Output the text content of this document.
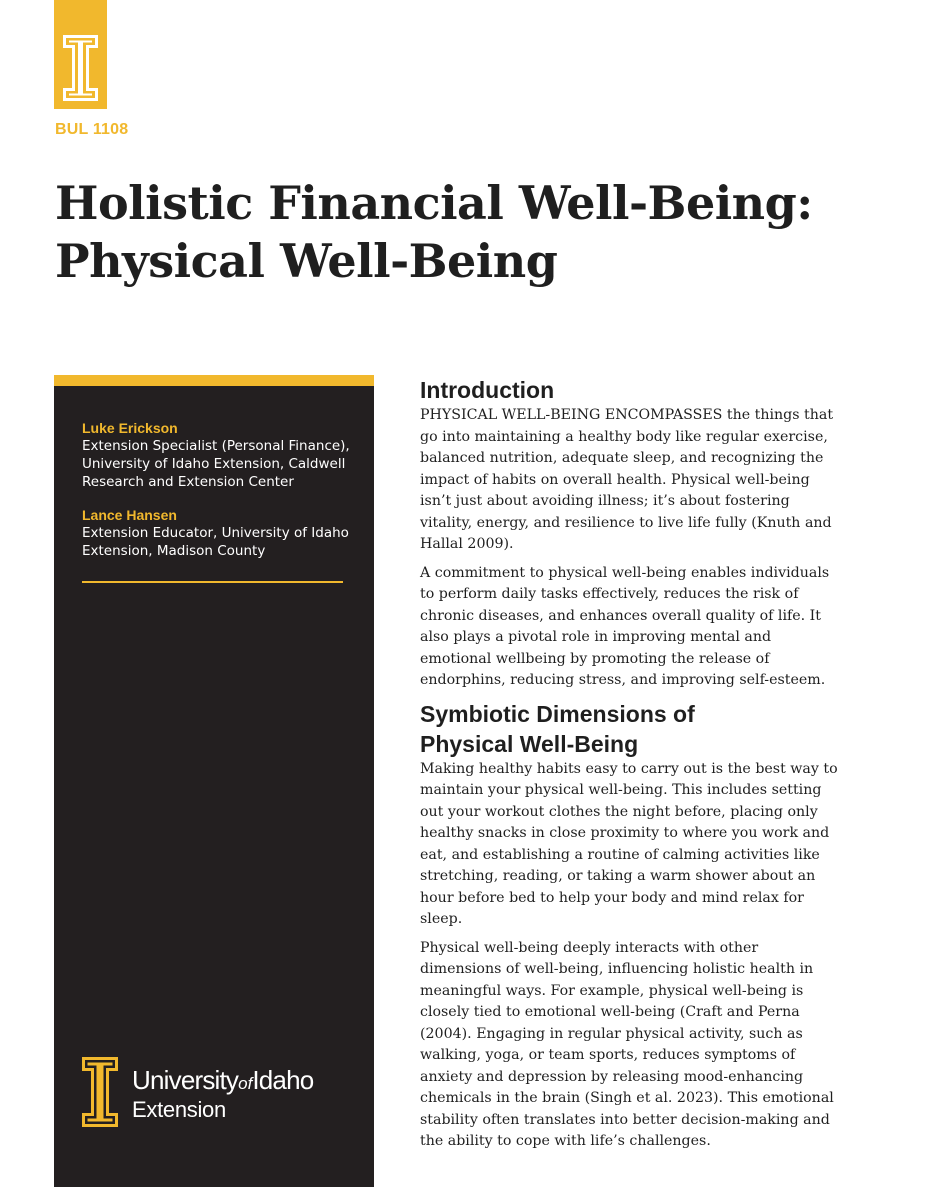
BUL 1108
Holistic Financial Well-Being:
Physical Well-Being
Luke Erickson
Extension Specialist (Personal Finance), University of Idaho Extension, Caldwell Research and Extension Center
Lance Hansen
Extension Educator, University of Idaho Extension, Madison County
UniversityofIdaho
Extension
Introduction

PHYSICAL WELL-BEING ENCOMPASSES the things that go into maintaining a healthy body like regular exercise, balanced nutrition, adequate sleep, and recognizing the impact of habits on overall health. Physical well-being isn’t just about avoiding illness; it’s about fostering vitality, energy, and resilience to live life fully (Knuth and Hallal 2009).

A commitment to physical well-being enables individuals to perform daily tasks effectively, reduces the risk of chronic diseases, and enhances overall quality of life. It also plays a pivotal role in improving mental and emotional wellbeing by promoting the release of endorphins, reducing stress, and improving self-esteem.

Symbiotic Dimensions of
Physical Well-Being

Making healthy habits easy to carry out is the best way to maintain your physical well-being. This includes setting out your workout clothes the night before, placing only healthy snacks in close proximity to where you work and eat, and establishing a routine of calming activities like stretching, reading, or taking a warm shower about an hour before bed to help your body and mind relax for sleep.

Physical well-being deeply interacts with other dimensions of well-being, influencing holistic health in meaningful ways. For example, physical well-being is closely tied to emotional well-being (Craft and Perna (2004). Engaging in regular physical activity, such as walking, yoga, or team sports, reduces symptoms of anxiety and depression by releasing mood-enhancing chemicals in the brain (Singh et al. 2023). This emotional stability often translates into better decision-making and the ability to cope with life’s challenges.
